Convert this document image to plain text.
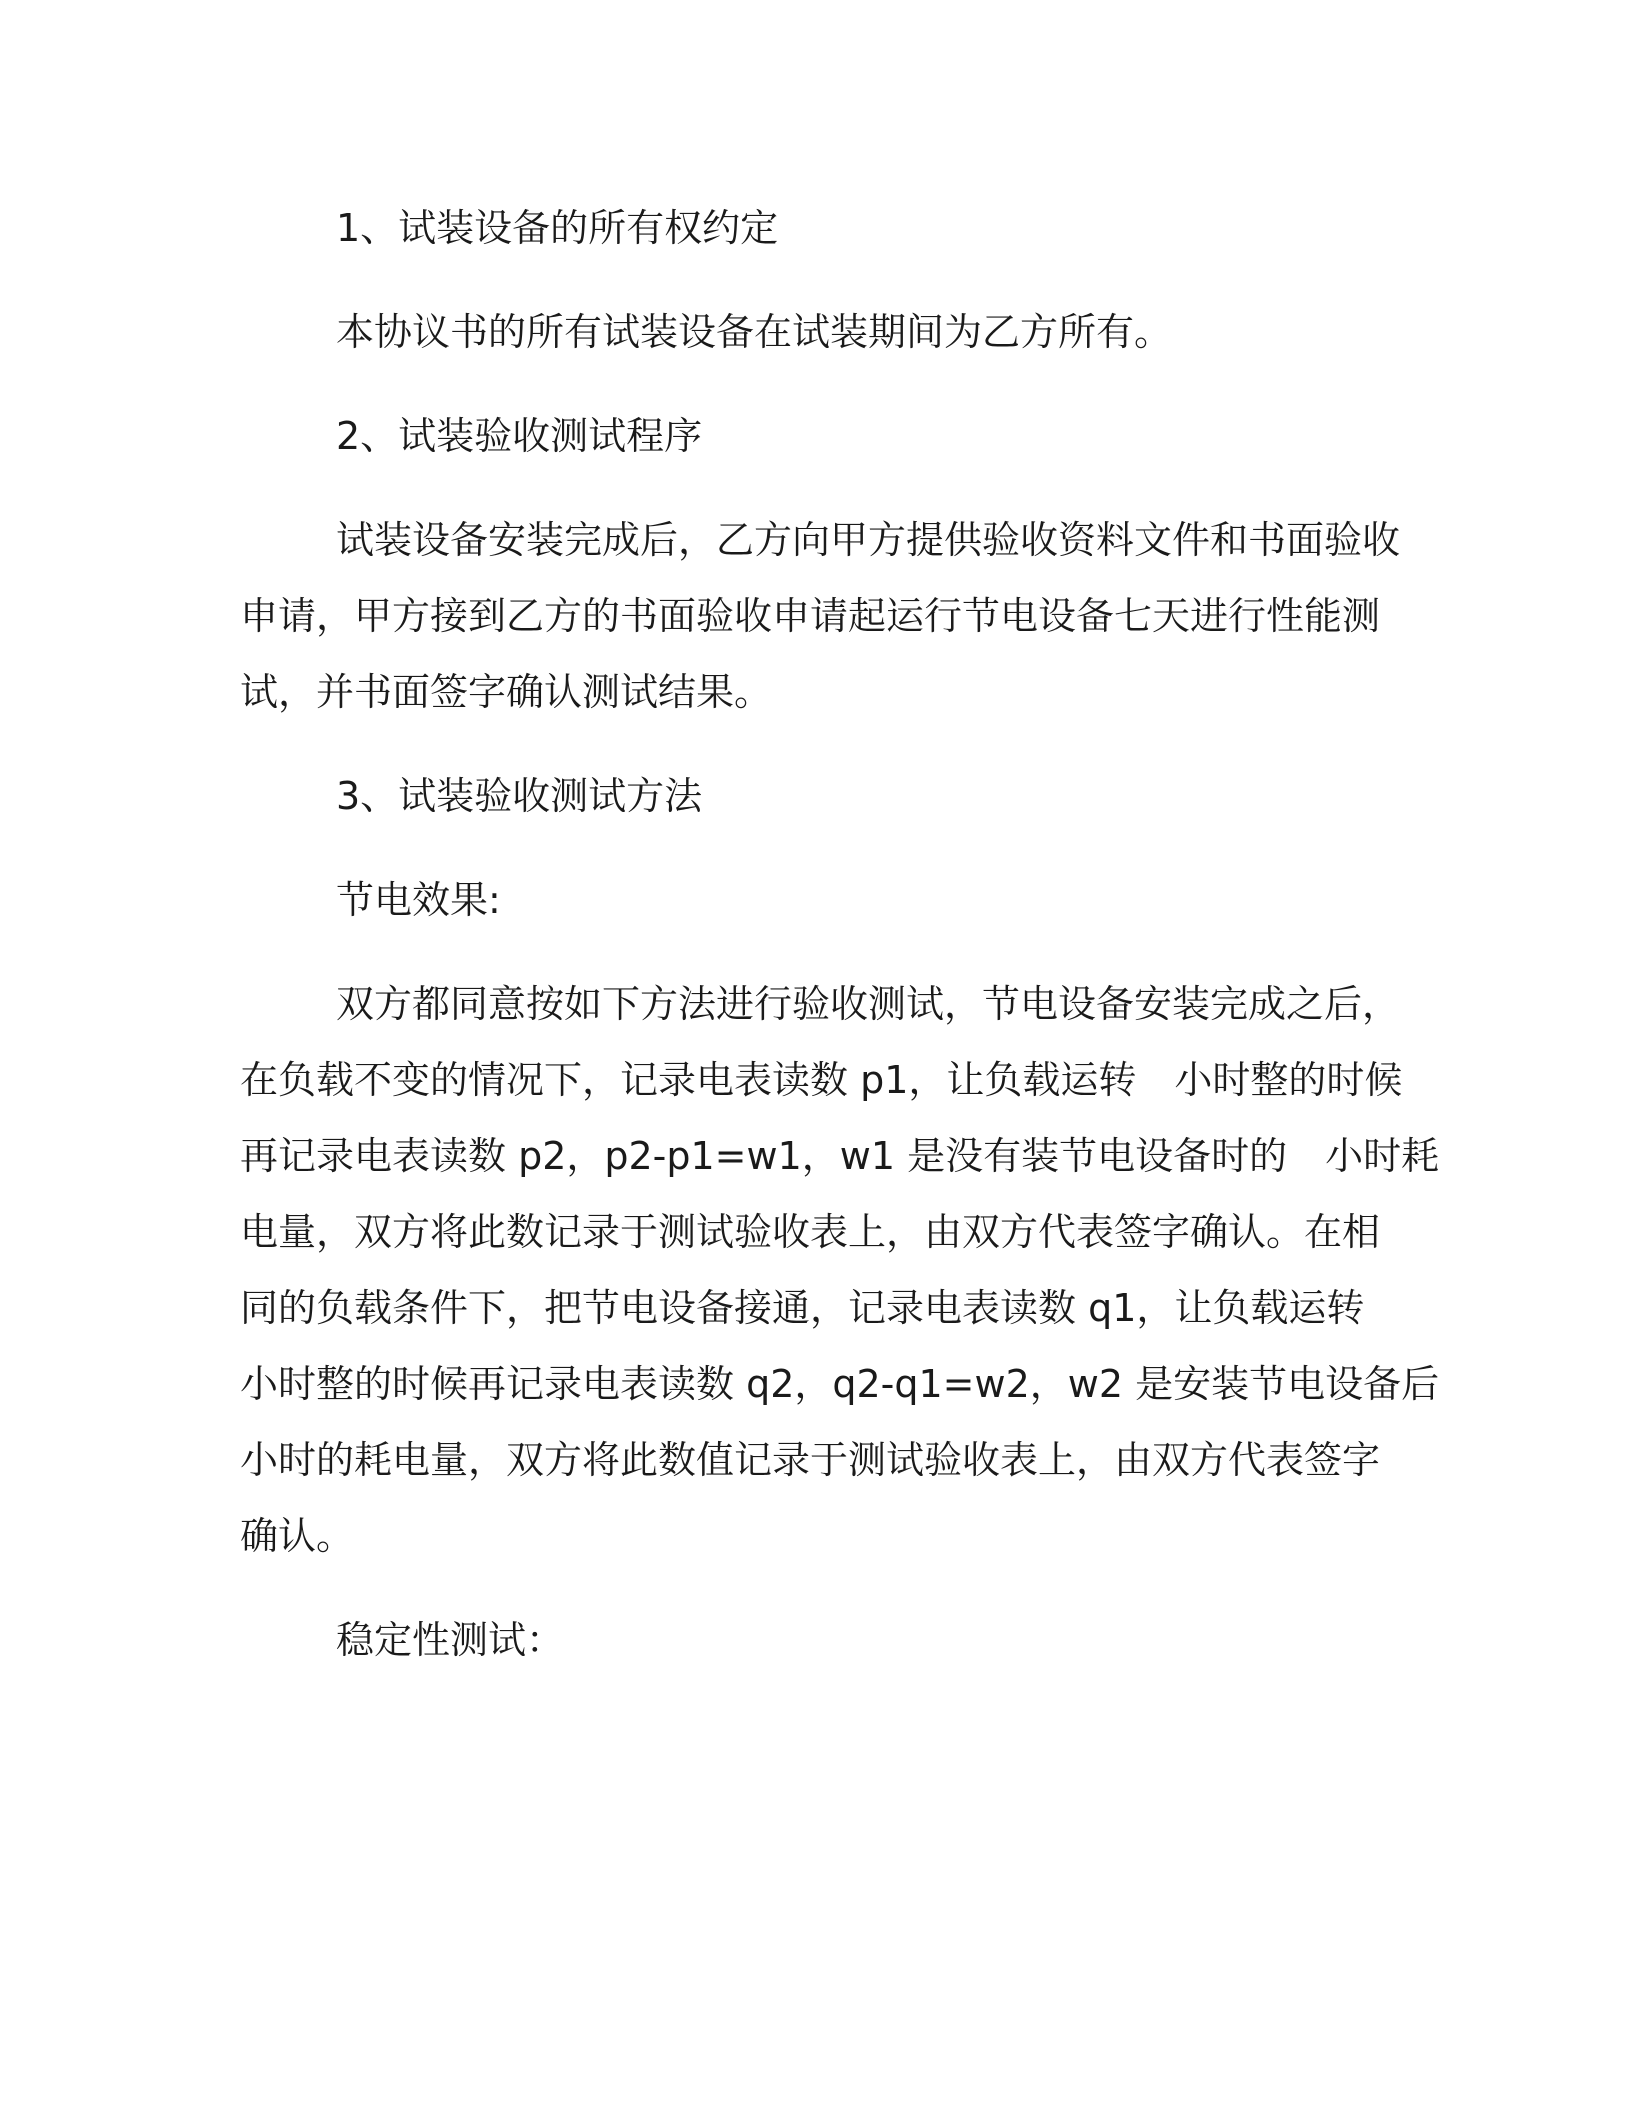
1、试装设备的所有权约定

本协议书的所有试装设备在试装期间为乙方所有。

2、试装验收测试程序

试装设备安装完成后，乙方向甲方提供验收资料文件和书面验收

申请，甲方接到乙方的书面验收申请起运行节电设备七天进行性能测

试，并书面签字确认测试结果。

3、试装验收测试方法

节电效果:

双方都同意按如下方法进行验收测试，节电设备安装完成之后，

在负载不变的情况下，记录电表读数 p1，让负载运转　小时整的时候

再记录电表读数 p2，p2-p1=w1，w1 是没有装节电设备时的　小时耗

电量，双方将此数记录于测试验收表上，由双方代表签字确认。在相

同的负载条件下，把节电设备接通，记录电表读数 q1，让负载运转

小时整的时候再记录电表读数 q2，q2-q1=w2，w2 是安装节电设备后

小时的耗电量，双方将此数值记录于测试验收表上，由双方代表签字

确认。

稳定性测试：
